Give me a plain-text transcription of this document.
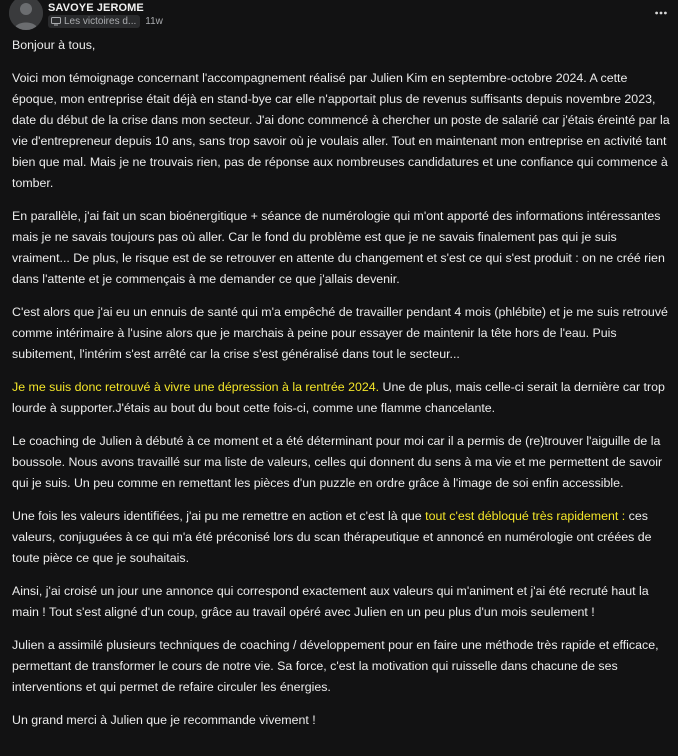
SAVOYE JEROME
Les victoires d... 11w

Bonjour à tous,

Voici mon témoignage concernant l'accompagnement réalisé par Julien Kim en septembre-octobre 2024. A cette époque, mon entreprise était déjà en stand-bye car elle n'apportait plus de revenus suffisants depuis novembre 2023, date du début de la crise dans mon secteur. J'ai donc commencé à chercher un poste de salarié car j'étais éreinté par la vie d'entrepreneur depuis 10 ans, sans trop savoir où je voulais aller. Tout en maintenant mon entreprise en activité tant bien que mal. Mais je ne trouvais rien, pas de réponse aux nombreuses candidatures et une confiance qui commence à tomber.

En parallèle, j'ai fait un scan bioénergitique + séance de numérologie qui m'ont apporté des informations intéressantes mais je ne savais toujours pas où aller. Car le fond du problème est que je ne savais finalement pas qui je suis vraiment... De plus, le risque est de se retrouver en attente du changement et s'est ce qui s'est produit : on ne créé rien dans l'attente et je commençais à me demander ce que j'allais devenir.

C'est alors que j'ai eu un ennuis de santé qui m'a empêché de travailler pendant 4 mois (phlébite) et je me suis retrouvé comme intérimaire à l'usine alors que je marchais à peine pour essayer de maintenir la tête hors de l'eau. Puis subitement, l'intérim s'est arrêté car la crise s'est généralisé dans tout le secteur...

Je me suis donc retrouvé à vivre une dépression à la rentrée 2024. Une de plus, mais celle-ci serait la dernière car trop lourde à supporter.J'étais au bout du bout cette fois-ci, comme une flamme chancelante.

Le coaching de Julien à débuté à ce moment et a été déterminant pour moi car il a permis de (re)trouver l'aiguille de la boussole. Nous avons travaillé sur ma liste de valeurs, celles qui donnent du sens à ma vie et me permettent de savoir qui je suis. Un peu comme en remettant les pièces d'un puzzle en ordre grâce à l'image de soi enfin accessible.

Une fois les valeurs identifiées, j'ai pu me remettre en action et c'est là que tout c'est débloqué très rapidement : ces valeurs, conjuguées à ce qui m'a été préconisé lors du scan thérapeutique et annoncé en numérologie ont créées de toute pièce ce que je souhaitais.

Ainsi, j'ai croisé un jour une annonce qui correspond exactement aux valeurs qui m'animent et j'ai été recruté haut la main ! Tout s'est aligné d'un coup, grâce au travail opéré avec Julien en un peu plus d'un mois seulement !

Julien a assimilé plusieurs techniques de coaching / développement pour en faire une méthode très rapide et efficace, permettant de transformer le cours de notre vie. Sa force, c'est la motivation qui ruisselle dans chacune de ses interventions et qui permet de refaire circuler les énergies.

Un grand merci à Julien que je recommande vivement !
